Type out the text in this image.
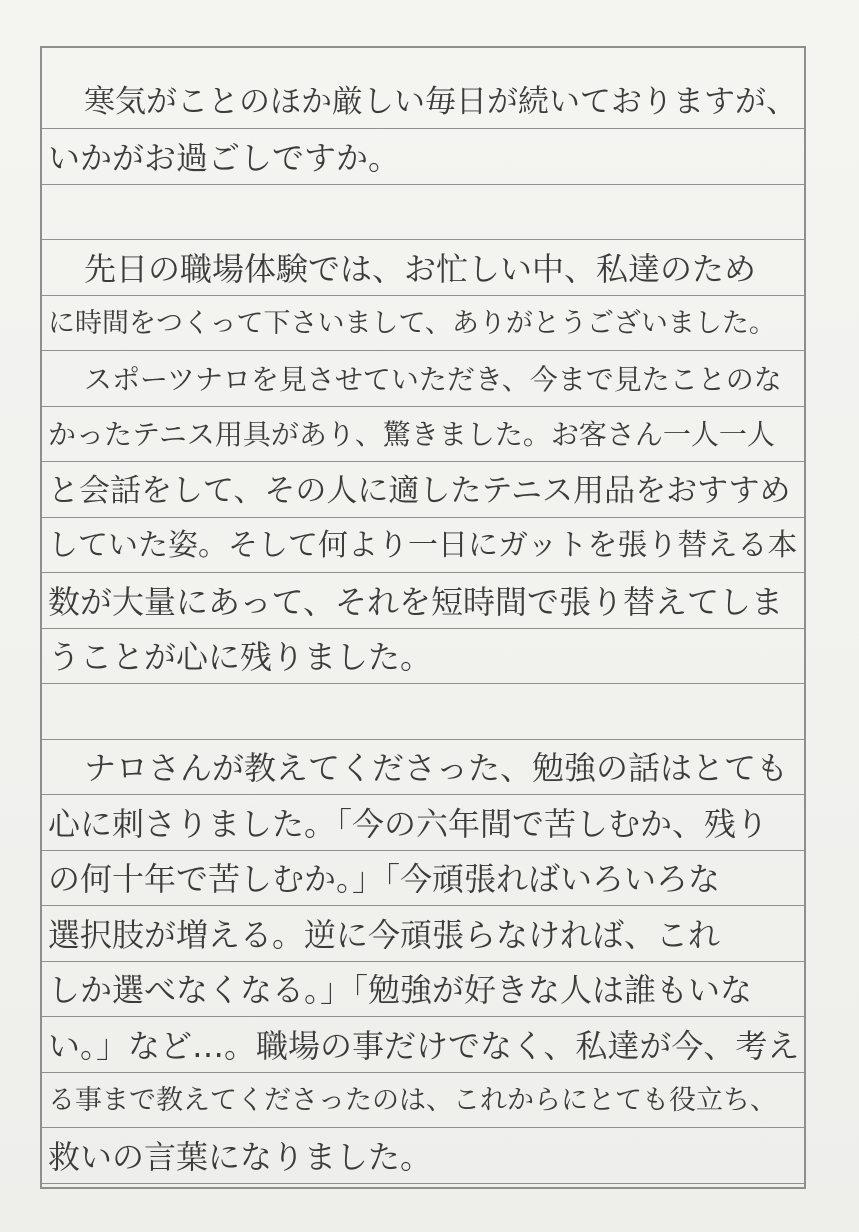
寒気がことのほか厳しい毎日が続いておりますが、
いかがお過ごしですか。
先日の職場体験では、お忙しい中、私達のため
に時間をつくって下さいまして、ありがとうございました。
スポーツナロを見させていただき、今まで見たことのな
かったテニス用具があり、驚きました。お客さん一人一人
と会話をして、その人に適したテニス用品をおすすめ
していた姿。そして何より一日にガットを張り替える本
数が大量にあって、それを短時間で張り替えてしま
うことが心に残りました。
ナロさんが教えてくださった、勉強の話はとても
心に刺さりました。「今の六年間で苦しむか、残り
の何十年で苦しむか。」「今頑張ればいろいろな
選択肢が増える。逆に今頑張らなければ、これ
しか選べなくなる。」「勉強が好きな人は誰もいな
い。」など…。職場の事だけでなく、私達が今、考え
る事まで教えてくださったのは、これからにとても役立ち、
救いの言葉になりました。
